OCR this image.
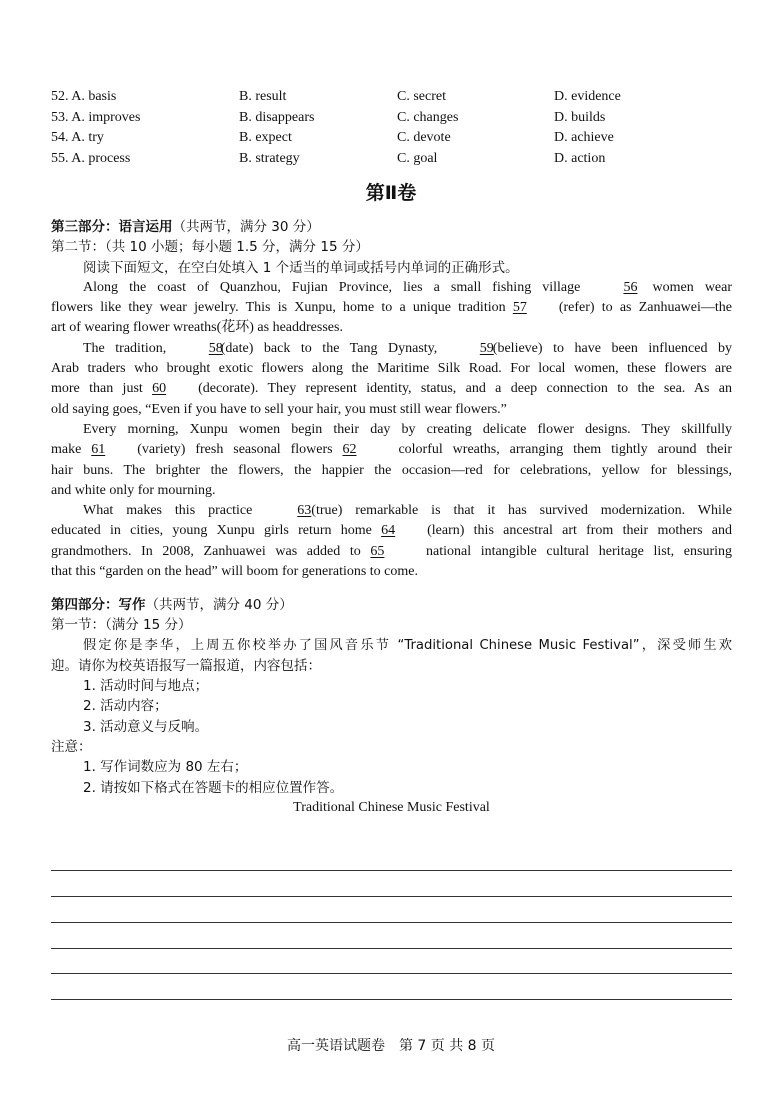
52. A. basis	B. result	C. secret	D. evidence
53. A. improves	B. disappears	C. changes	D. builds
54. A. try	B. expect	C. devote	D. achieve
55. A. process	B. strategy	C. goal	D. action
第Ⅱ卷
第三部分：语言运用（共两节，满分 30 分）
第二节：（共 10 小题；每小题 1.5 分，满分 15 分）
阅读下面短文，在空白处填入 1 个适当的单词或括号内单词的正确形式。
Along the coast of Quanzhou, Fujian Province, lies a small fishing village	56 women wear
flowers like they wear jewelry. This is Xunpu, home to a unique tradition 57 (refer) to as Zanhuawei—the
art of wearing flower wreaths(花环) as headdresses.
The tradition,	58(date) back to the Tang Dynasty,	59(believe) to have been influenced by
Arab traders who brought exotic flowers along the Maritime Silk Road. For local women, these flowers are
more than just 60 (decorate). They represent identity, status, and a deep connection to the sea. As an
old saying goes, “Even if you have to sell your hair, you must still wear flowers.”
Every morning, Xunpu women begin their day by creating delicate flower designs. They skillfully
make 61 (variety) fresh seasonal flowers 62	colorful wreaths, arranging them tightly around their
hair buns. The brighter the flowers, the happier the occasion—red for celebrations, yellow for blessings,
and white only for mourning.
What makes this practice	63(true) remarkable is that it has survived modernization. While
educated in cities, young Xunpu girls return home 64 (learn) this ancestral art from their mothers and
grandmothers. In 2008, Zanhuawei was added to 65	national intangible cultural heritage list, ensuring
that this “garden on the head” will boom for generations to come.
第四部分：写作（共两节，满分 40 分）
第一节：（满分 15 分）
假定你是李华，上周五你校举办了国风音乐节 “Traditional Chinese Music Festival”，深受师生欢
迎。请你为校英语报写一篇报道，内容包括：
1. 活动时间与地点；
2. 活动内容；
3. 活动意义与反响。
注意：
1. 写作词数应为 80 左右；
2. 请按如下格式在答题卡的相应位置作答。
Traditional Chinese Music Festival
高一英语试题卷　第 7 页 共 8 页
